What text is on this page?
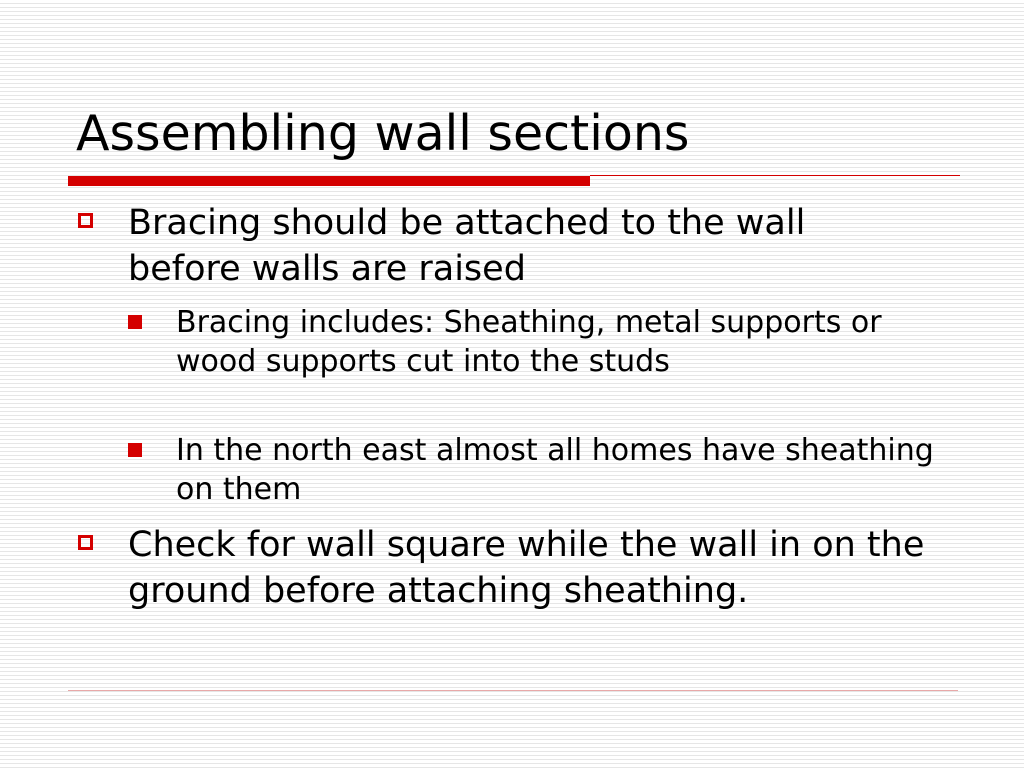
Assembling wall sections
Bracing should be attached to the wall before walls are raised
Bracing includes: Sheathing, metal supports or wood supports cut into the studs
In the north east almost all homes have sheathing on them
Check for wall square while the wall in on the ground before attaching sheathing.
